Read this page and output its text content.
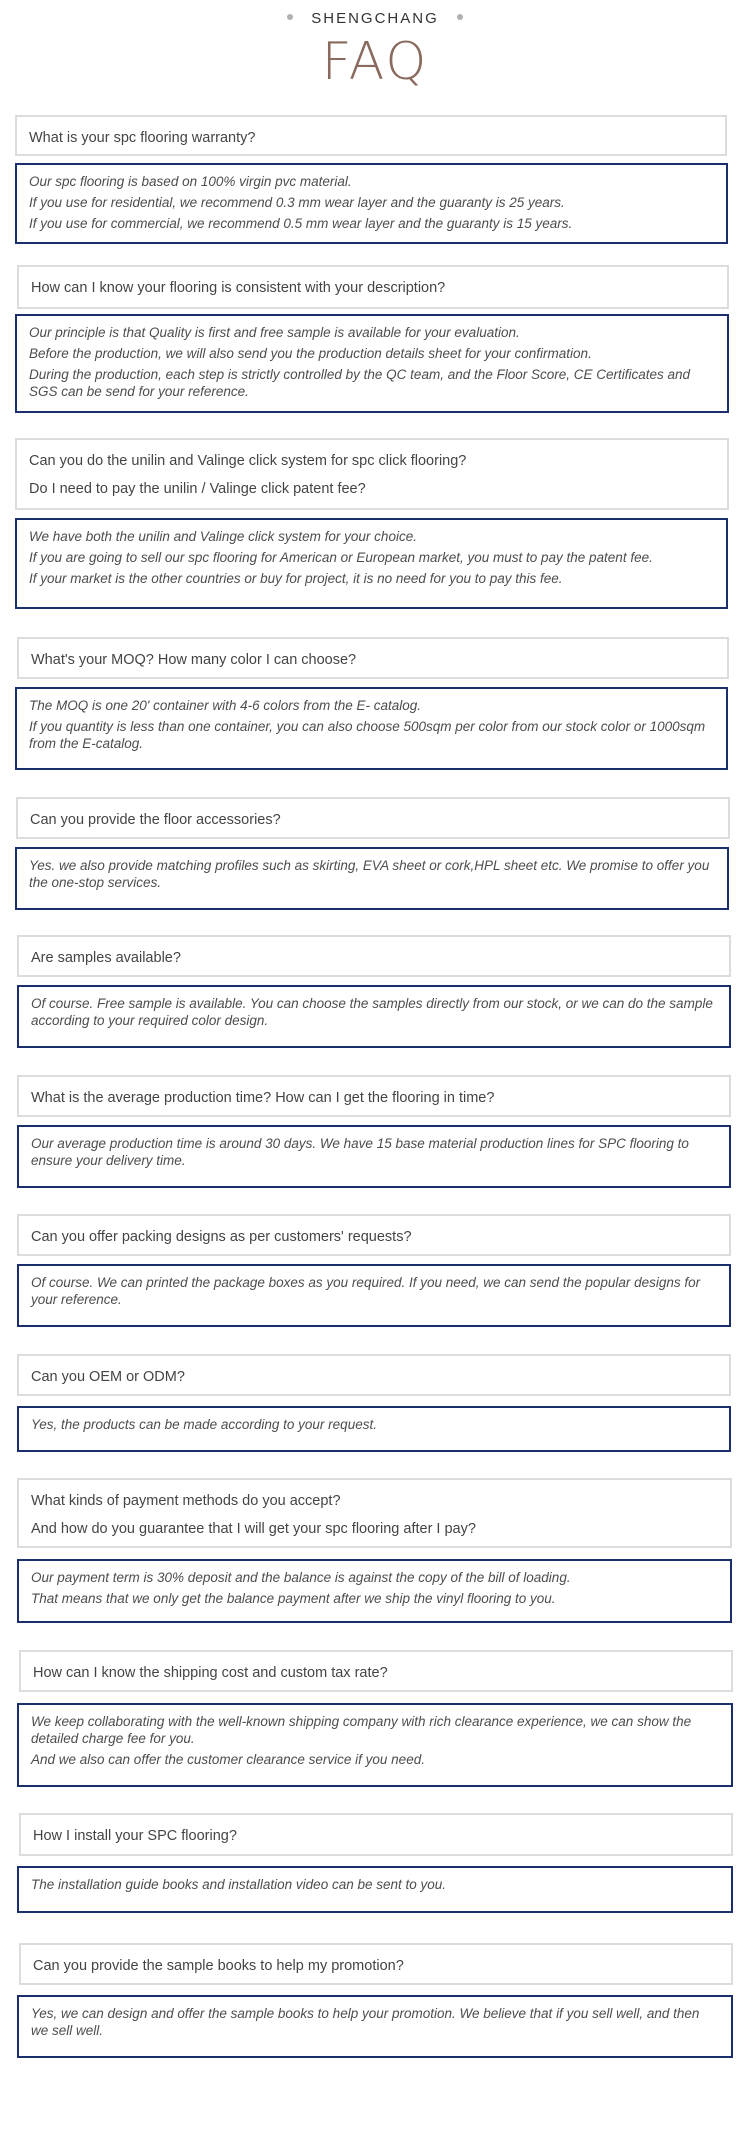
SHENGCHANG
FAQ
What is your spc flooring warranty?
Our spc flooring is based on 100% virgin pvc material.
If you use for residential, we recommend 0.3 mm wear layer and the guaranty is 25 years.
If you use for commercial, we recommend 0.5 mm wear layer and the guaranty is 15 years.
How can I know your flooring is consistent with your description?
Our principle is that Quality is first and free sample is available for your evaluation.
Before the production, we will also send you the production details sheet for your confirmation.
During the production, each step is strictly controlled by the QC team, and the Floor Score, CE Certificates and SGS can be send for your reference.
Can you do the unilin and Valinge click system for spc click flooring?
Do I need to pay the unilin / Valinge click patent fee?
We have both the unilin and Valinge click system for your choice.
If you are going to sell our spc flooring for American or European market, you must to pay the patent fee.
If your market is the other countries or buy for project, it is no need for you to pay this fee.
What's your MOQ? How many color I can choose?
The MOQ is one 20' container with 4-6 colors from the E- catalog.
If you quantity is less than one container, you can also choose 500sqm per color from our stock color or 1000sqm from the E-catalog.
Can you provide the floor accessories?
Yes. we also provide matching profiles such as skirting, EVA sheet or cork,HPL sheet etc. We promise to offer you the one-stop services.
Are samples available?
Of course. Free sample is available. You can choose the samples directly from our stock, or we can do the sample according to your required color design.
What is the average production time? How can I get the flooring in time?
Our average production time is around 30 days. We have 15 base material production lines for SPC flooring to ensure your delivery time.
Can you offer packing designs as per customers' requests?
Of course. We can printed the package boxes as you required. If you need, we can send the popular designs for your reference.
Can you OEM or ODM?
Yes, the products can be made according to your request.
What kinds of payment methods do you accept?
And how do you guarantee that I will get your spc flooring after I pay?
Our payment term is 30% deposit and the balance is against the copy of the bill of loading.
That means that we only get the balance payment after we ship the vinyl flooring to you.
How can I know the shipping cost and custom tax rate?
We keep collaborating with the well-known shipping company with rich clearance experience, we can show the detailed charge fee for you.
And we also can offer the customer clearance service if you need.
How I install your SPC flooring?
The installation guide books and installation video can be sent to you.
Can you provide the sample books to help my promotion?
Yes, we can design and offer the sample books to help your promotion. We believe that if you sell well, and then we sell well.
